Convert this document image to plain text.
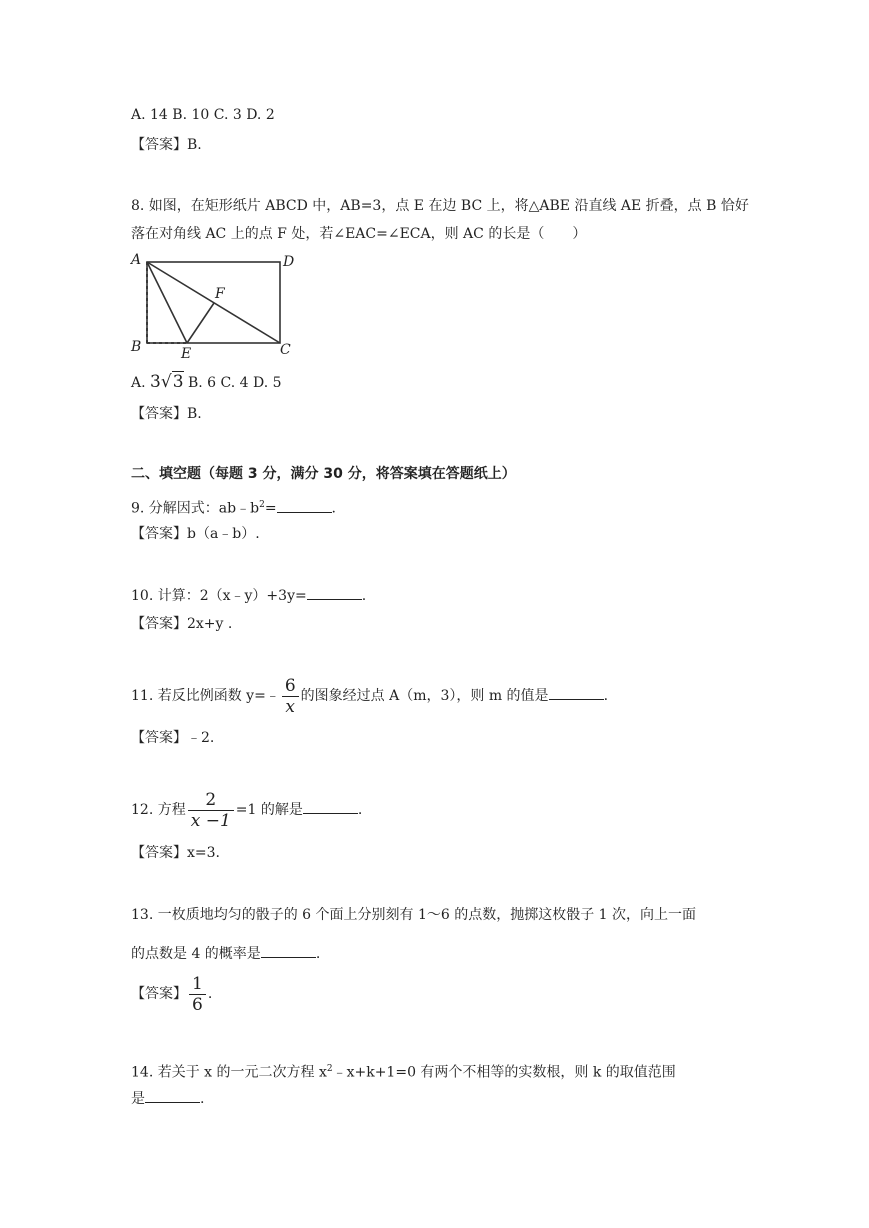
A. 14 B. 10 C. 3 D. 2
【答案】B.
8. 如图，在矩形纸片 ABCD 中，AB=3，点 E 在边 BC 上，将△ABE 沿直线 AE 折叠，点 B 恰好
落在对角线 AC 上的点 F 处，若∠EAC=∠ECA，则 AC 的长是（　　）
A	D
F
B	E	C
A. 3√3 B. 6 C. 4 D. 5
【答案】B.
二、填空题（每题 3 分，满分 30 分，将答案填在答题纸上）
9. 分解因式：$ab﹣b^2=$	.
【答案】b（a﹣b）.
10. 计算：2（x﹣y）+3y=	.
【答案】2x+y .
11. 若反比例函数 y=﹣ $\frac{6}{x}$ 的图象经过点 A（m，3），则 m 的值是	.
【答案】﹣2.
12. 方程 $\frac{2}{x -1} =1$ 的解是	.
【答案】x=3.
13. 一枚质地均匀的骰子的 6 个面上分别刻有 1～6 的点数，抛掷这枚骰子 1 次，向上一面
的点数是 4 的概率是	.
【答案】 $\frac{1}{6}$ .
14. 若关于 x 的一元二次方程 $x^2﹣x+k+1=0$ 有两个不相等的实数根，则 k 的取值范围
是	.
